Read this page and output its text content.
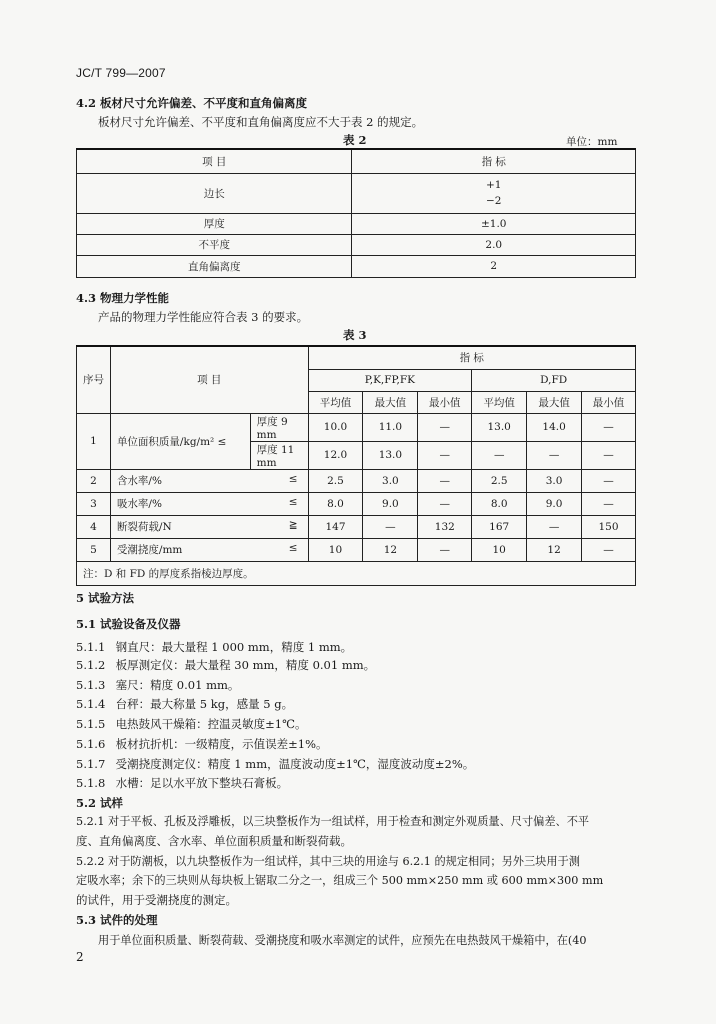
JC/T 799—2007
4.2 板材尺寸允许偏差、不平度和直角偏离度
板材尺寸允许偏差、不平度和直角偏离度应不大于表 2 的规定。
表 2	单位：mm
项 目	指 标
边长	+1
−2

厚度	±1.0
不平度	2.0
直角偏离度	2
4.3 物理力学性能
产品的物理力学性能应符合表 3 的要求。
表 3
序号	项 目		指 标					
			P,K,FP,FK			D,FD		
			平均值	最大值	最小值	平均值	最大值	最小值
1	单位面积质量/kg/m² ≤	厚度 9 mm	10.0	11.0	—	13.0	14.0	—
		厚度 11 mm	12.0	13.0	—	—	—	—
2	含水率/% ≤		2.5	3.0	—	2.5	3.0	—
3	吸水率/% ≤		8.0	9.0	—	8.0	9.0	—
4	断裂荷载/N ≧		147	—	132	167	—	150
5	受潮挠度/mm ≤		10	12	—	10	12	—
注：D 和 FD 的厚度系指棱边厚度。								
5 试验方法
5.1 试验设备及仪器
5.1.1 钢直尺：最大量程 1 000 mm，精度 1 mm。
5.1.2 板厚测定仪：最大量程 30 mm，精度 0.01 mm。
5.1.3 塞尺：精度 0.01 mm。
5.1.4 台秤：最大称量 5 kg，感量 5 g。
5.1.5 电热鼓风干燥箱：控温灵敏度±1℃。
5.1.6 板材抗折机：一级精度，示值误差±1%。
5.1.7 受潮挠度测定仪：精度 1 mm，温度波动度±1℃，湿度波动度±2%。
5.1.8 水槽：足以水平放下整块石膏板。
5.2 试样
5.2.1 对于平板、孔板及浮雕板，以三块整板作为一组试样，用于检查和测定外观质量、尺寸偏差、不平
度、直角偏离度、含水率、单位面积质量和断裂荷载。
5.2.2 对于防潮板，以九块整板作为一组试样，其中三块的用途与 6.2.1 的规定相同；另外三块用于测
定吸水率；余下的三块则从每块板上锯取二分之一，组成三个 500 mm×250 mm 或 600 mm×300 mm
的试件，用于受潮挠度的测定。
5.3 试件的处理
用于单位面积质量、断裂荷载、受潮挠度和吸水率测定的试件，应预先在电热鼓风干燥箱中，在(40
2
